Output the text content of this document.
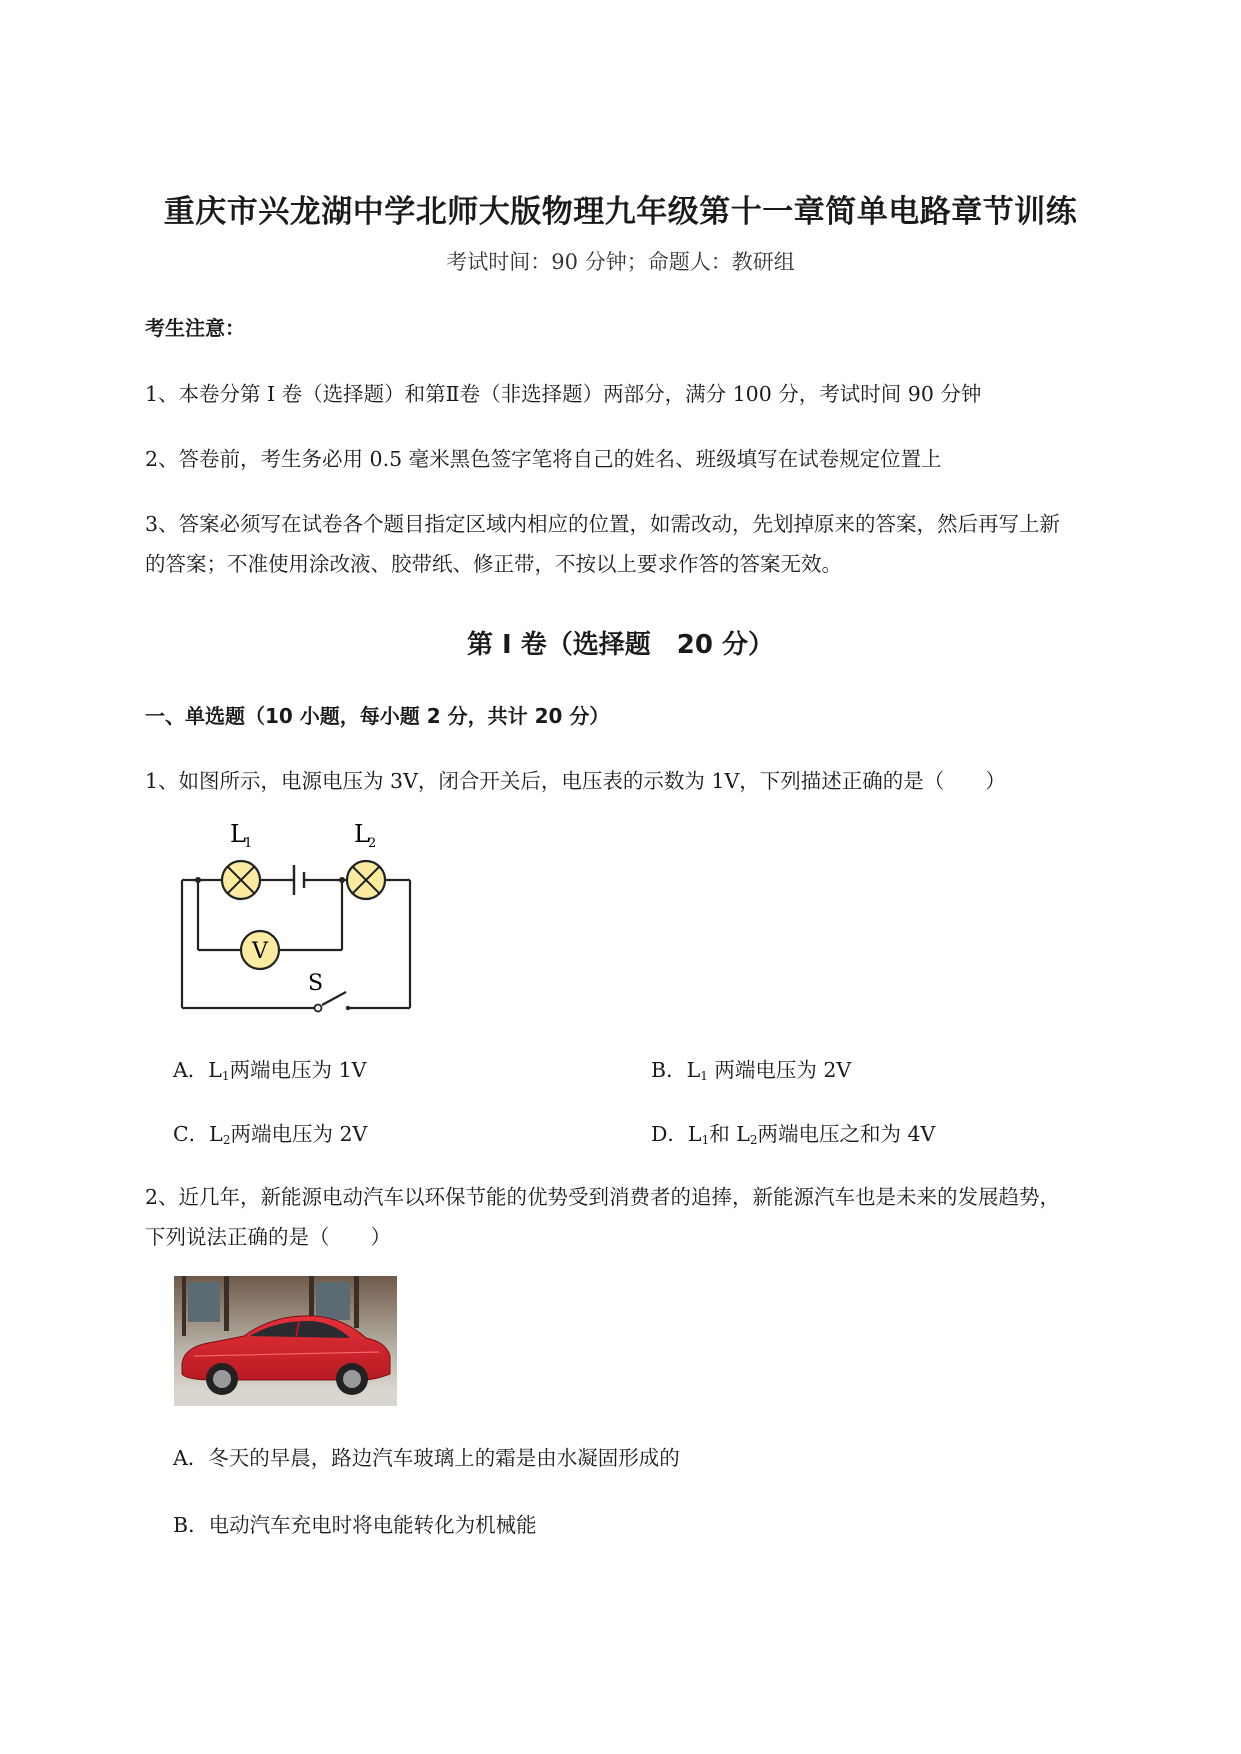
重庆市兴龙湖中学北师大版物理九年级第十一章简单电路章节训练
考试时间：90 分钟；命题人：教研组
考生注意：
1、本卷分第 I 卷（选择题）和第Ⅱ卷（非选择题）两部分，满分 100 分，考试时间 90 分钟
2、答卷前，考生务必用 0.5 毫米黑色签字笔将自己的姓名、班级填写在试卷规定位置上
3、答案必须写在试卷各个题目指定区域内相应的位置，如需改动，先划掉原来的答案，然后再写上新
的答案；不准使用涂改液、胶带纸、修正带，不按以上要求作答的答案无效。
第 I 卷（选择题　20 分）
一、单选题（10 小题，每小题 2 分，共计 20 分）
1、如图所示，电源电压为 3V，闭合开关后，电压表的示数为 1V，下列描述正确的是（　　）
V
L
1	L
2
S
A．$L_1$两端电压为 1V	B．$L_1$ 两端电压为 2V
C．$L_2$两端电压为 2V	D．$L_1$和 $L_2$两端电压之和为 4V
2、近几年，新能源电动汽车以环保节能的优势受到消费者的追捧，新能源汽车也是未来的发展趋势，
下列说法正确的是（　　）
A．冬天的早晨，路边汽车玻璃上的霜是由水凝固形成的
B．电动汽车充电时将电能转化为机械能
